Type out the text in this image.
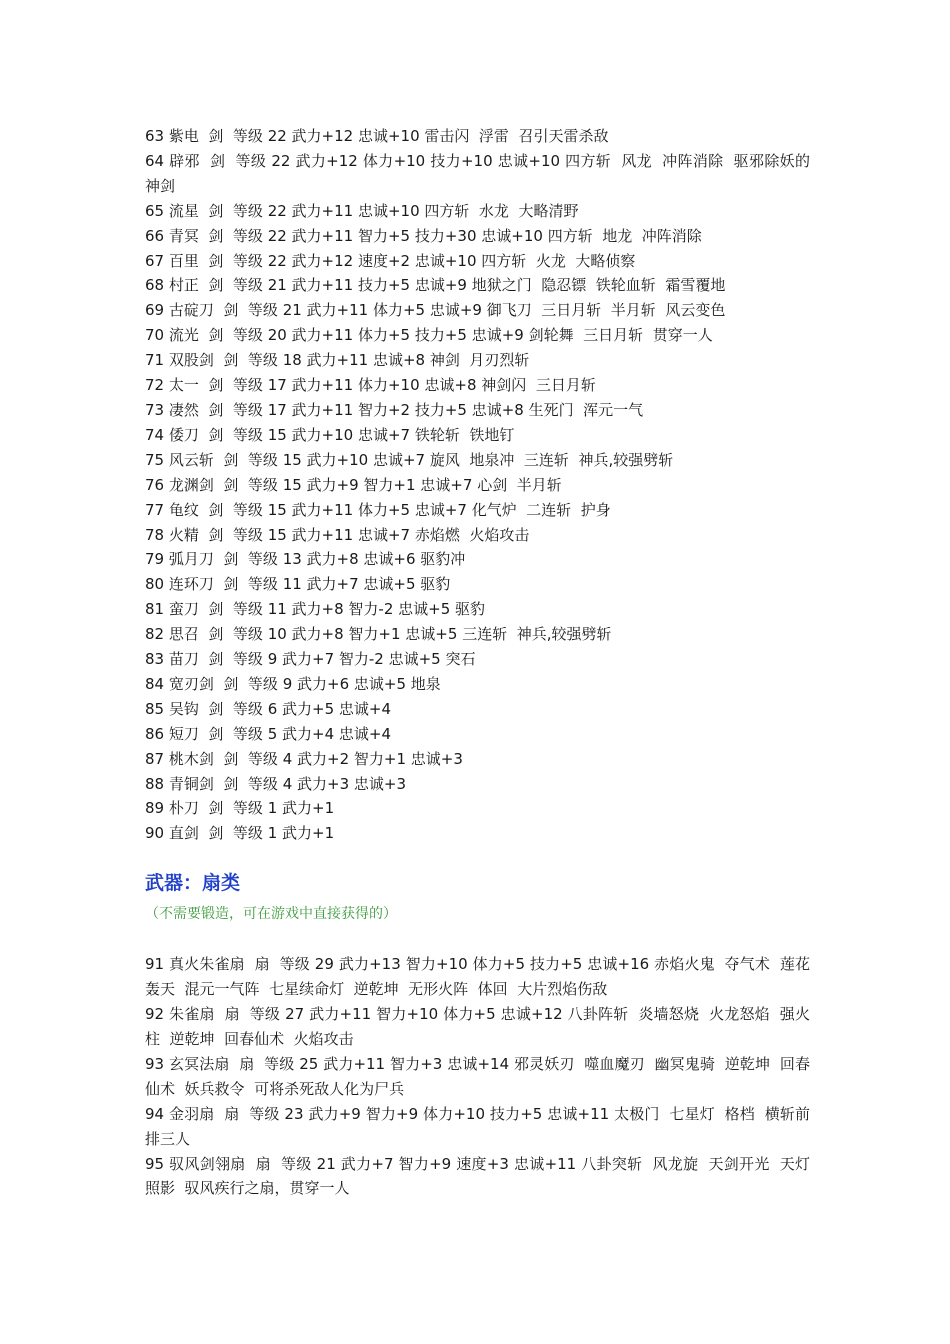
63 紫电  剑  等级 22 武力+12 忠诚+10 雷击闪  浮雷  召引天雷杀敌

64 辟邪  剑  等级 22 武力+12 体力+10 技力+10 忠诚+10 四方斩  风龙  冲阵消除  驱邪除妖的神剑

65 流星  剑  等级 22 武力+11 忠诚+10 四方斩  水龙  大略清野

66 青冥  剑  等级 22 武力+11 智力+5 技力+30 忠诚+10 四方斩  地龙  冲阵消除

67 百里  剑  等级 22 武力+12 速度+2 忠诚+10 四方斩  火龙  大略侦察

68 村正  剑  等级 21 武力+11 技力+5 忠诚+9 地狱之门  隐忍镖  铁轮血斩  霜雪覆地

69 古碇刀  剑  等级 21 武力+11 体力+5 忠诚+9 御飞刀  三日月斩  半月斩  风云变色

70 流光  剑  等级 20 武力+11 体力+5 技力+5 忠诚+9 剑轮舞  三日月斩  贯穿一人

71 双股剑  剑  等级 18 武力+11 忠诚+8 神剑  月刃烈斩

72 太一  剑  等级 17 武力+11 体力+10 忠诚+8 神剑闪  三日月斩

73 凄然  剑  等级 17 武力+11 智力+2 技力+5 忠诚+8 生死门  浑元一气

74 倭刀  剑  等级 15 武力+10 忠诚+7 铁轮斩  铁地钉

75 风云斩  剑  等级 15 武力+10 忠诚+7 旋风  地泉冲  三连斩  神兵,较强劈斩

76 龙渊剑  剑  等级 15 武力+9 智力+1 忠诚+7 心剑  半月斩

77 龟纹  剑  等级 15 武力+11 体力+5 忠诚+7 化气炉  二连斩  护身

78 火精  剑  等级 15 武力+11 忠诚+7 赤焰燃  火焰攻击

79 弧月刀  剑  等级 13 武力+8 忠诚+6 驱豹冲

80 连环刀  剑  等级 11 武力+7 忠诚+5 驱豹

81 蛮刀  剑  等级 11 武力+8 智力-2 忠诚+5 驱豹

82 思召  剑  等级 10 武力+8 智力+1 忠诚+5 三连斩  神兵,较强劈斩

83 苗刀  剑  等级 9 武力+7 智力-2 忠诚+5 突石

84 宽刃剑  剑  等级 9 武力+6 忠诚+5 地泉

85 吴钩  剑  等级 6 武力+5 忠诚+4

86 短刀  剑  等级 5 武力+4 忠诚+4

87 桃木剑  剑  等级 4 武力+2 智力+1 忠诚+3

88 青铜剑  剑  等级 4 武力+3 忠诚+3

89 朴刀  剑  等级 1 武力+1

90 直剑  剑  等级 1 武力+1

武器：扇类

（不需要锻造，可在游戏中直接获得的）

91 真火朱雀扇  扇  等级 29 武力+13 智力+10 体力+5 技力+5 忠诚+16 赤焰火鬼  夺气术  莲花轰天  混元一气阵  七星续命灯  逆乾坤  无形火阵  体回  大片烈焰伤敌

92 朱雀扇  扇  等级 27 武力+11 智力+10 体力+5 忠诚+12 八卦阵斩  炎墙怒烧  火龙怒焰  强火柱  逆乾坤  回春仙术  火焰攻击

93 玄冥法扇  扇  等级 25 武力+11 智力+3 忠诚+14 邪灵妖刃  噬血魔刃  幽冥鬼骑  逆乾坤  回春仙术  妖兵救令  可将杀死敌人化为尸兵

94 金羽扇  扇  等级 23 武力+9 智力+9 体力+10 技力+5 忠诚+11 太极门  七星灯  格档  横斩前排三人

95 驭风剑翎扇  扇  等级 21 武力+7 智力+9 速度+3 忠诚+11 八卦突斩  风龙旋  天剑开光  天灯照影  驭风疾行之扇，贯穿一人
